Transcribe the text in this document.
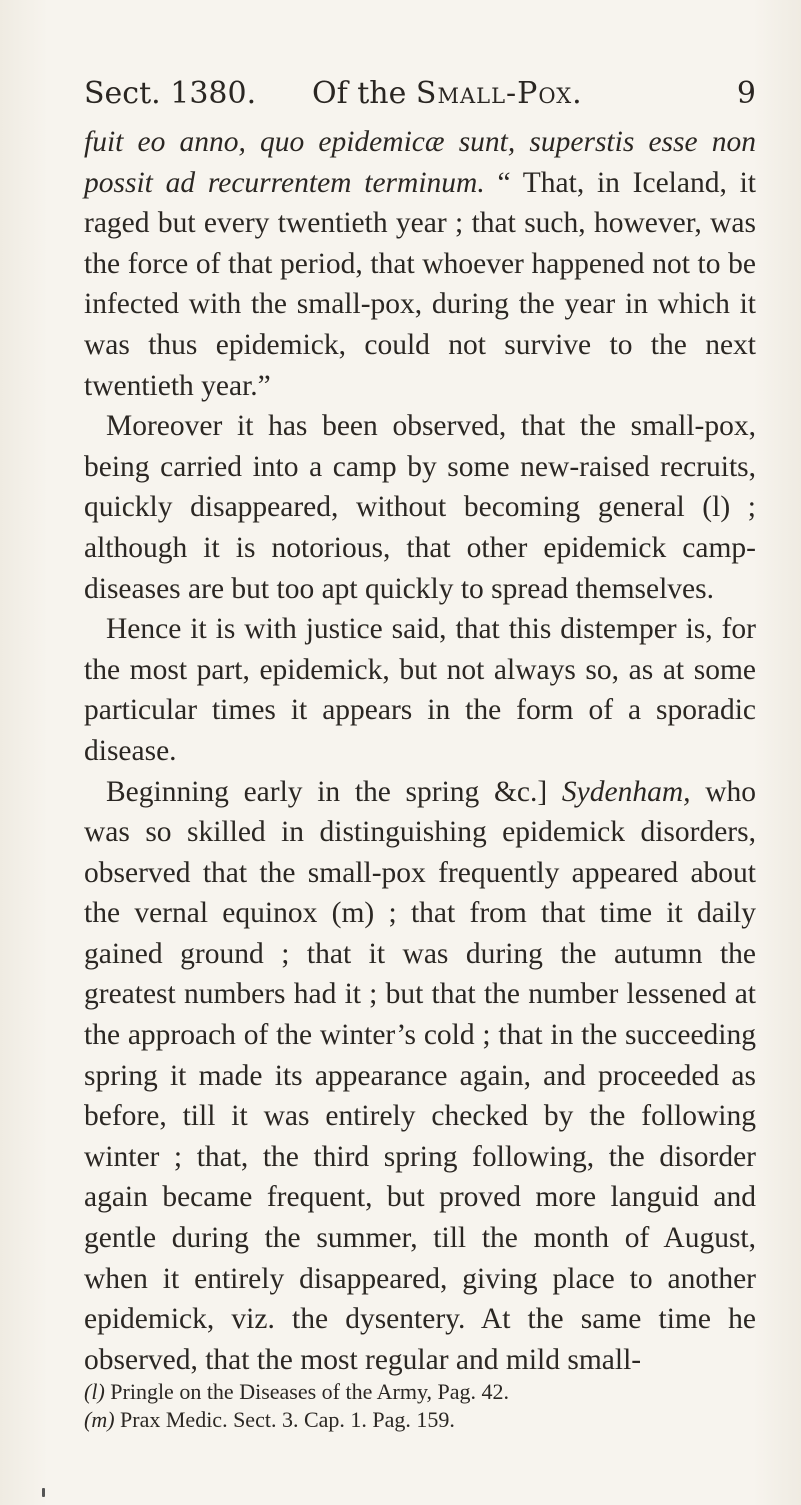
Sect. 1380. Of the Small-Pox.	9

fuit eo anno, quo epidemicæ sunt, superstis esse non possit ad recurrentem terminum. “ That, in Iceland, it raged but every twentieth year ; that such, however, was the force of that period, that whoever happened not to be infected with the small-pox, during the year in which it was thus epidemick, could not survive to the next twentieth year.”

Moreover it has been observed, that the small-pox, being carried into a camp by some new-raised recruits, quickly disappeared, without becoming general (l) ; although it is notorious, that other epidemick camp-diseases are but too apt quickly to spread themselves.

Hence it is with justice said, that this distemper is, for the most part, epidemick, but not always so, as at some particular times it appears in the form of a sporadic disease.

Beginning early in the spring &c.] Sydenham, who was so skilled in distinguishing epidemick disorders, observed that the small-pox frequently appeared about the vernal equinox (m) ; that from that time it daily gained ground ; that it was during the autumn the greatest numbers had it ; but that the number lessened at the approach of the winter’s cold ; that in the succeeding spring it made its appearance again, and proceeded as before, till it was entirely checked by the following winter ; that, the third spring following, the disorder again became frequent, but proved more languid and gentle during the summer, till the month of August, when it entirely disappeared, giving place to another epidemick, viz. the dysentery. At the same time he observed, that the most regular and mild small-

(l) Pringle on the Diseases of the Army, Pag. 42.
(m) Prax Medic. Sect. 3. Cap. 1. Pag. 159.
